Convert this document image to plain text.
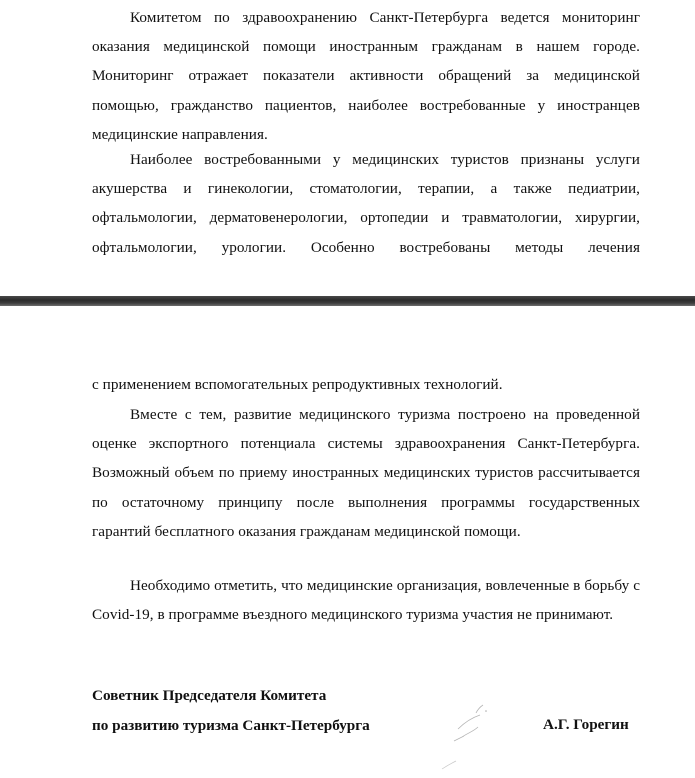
Комитетом по здравоохранению Санкт-Петербурга ведется мониторинг оказания медицинской помощи иностранным гражданам в нашем городе. Мониторинг отражает показатели активности обращений за медицинской помощью, гражданство пациентов, наиболее востребованные у иностранцев медицинские направления.

Наиболее востребованными у медицинских туристов признаны услуги акушерства и гинекологии, стоматологии, терапии, а также педиатрии, офтальмологии, дерматовенерологии, ортопедии и травматологии, хирургии, офтальмологии, урологии. Особенно востребованы методы лечения

с применением вспомогательных репродуктивных технологий.

Вместе с тем, развитие медицинского туризма построено на проведенной оценке экспортного потенциала системы здравоохранения Санкт-Петербурга. Возможный объем по приему иностранных медицинских туристов рассчитывается по остаточному принципу после выполнения программы государственных гарантий бесплатного оказания гражданам медицинской помощи.

Необходимо отметить, что медицинские организация, вовлеченные в борьбу с Covid-19, в программе въездного медицинского туризма участия не принимают.

Советник Председателя Комитета
по развитию туризма Санкт-Петербурга	А.Г. Горегин
